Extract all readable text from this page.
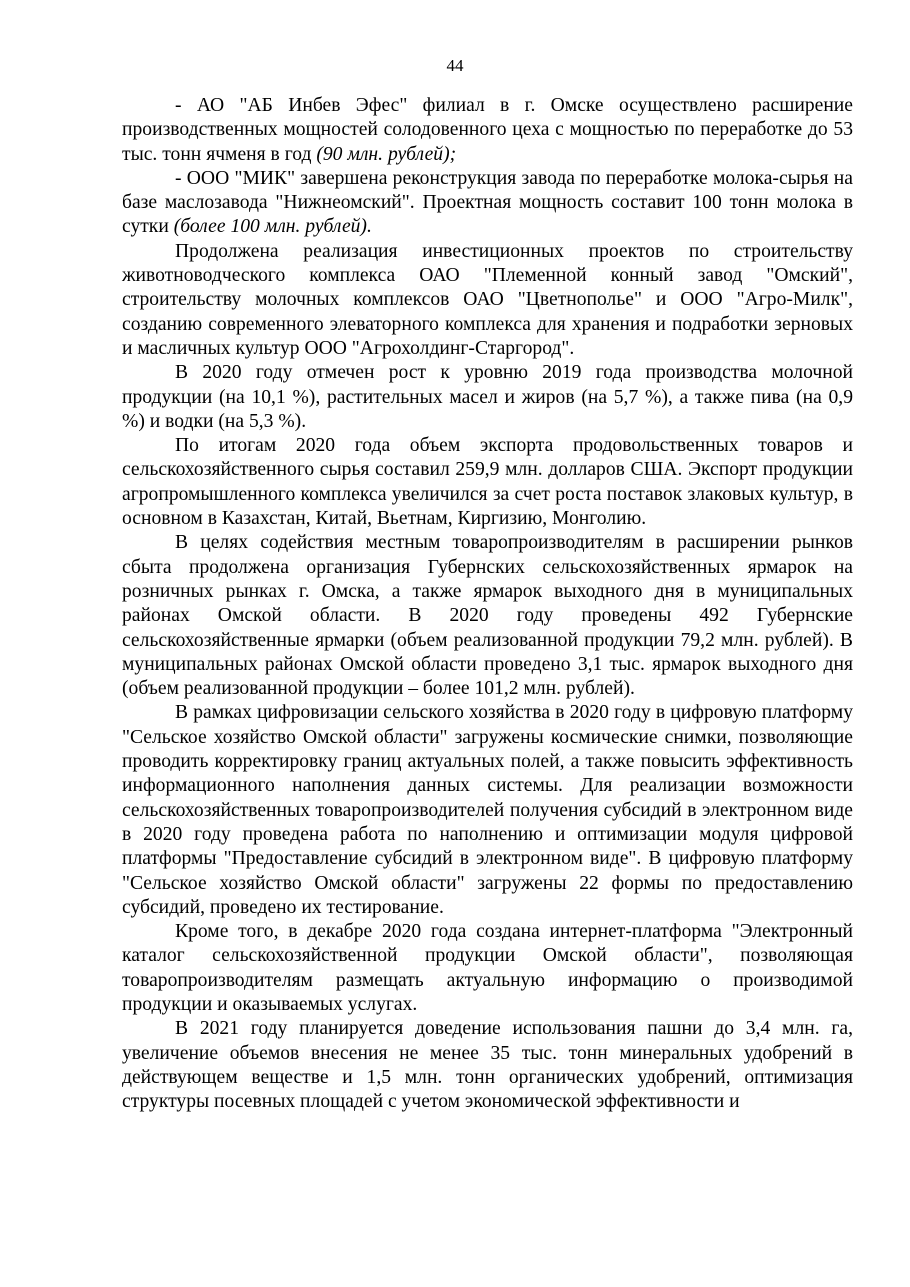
44

- АО "АБ Инбев Эфес" филиал в г. Омске осуществлено расширение производственных мощностей солодовенного цеха с мощностью по переработке до 53 тыс. тонн ячменя в год (90 млн. рублей);

- ООО "МИК" завершена реконструкция завода по переработке молока-сырья на базе маслозавода "Нижнеомский". Проектная мощность составит 100 тонн молока в сутки (более 100 млн. рублей).

Продолжена реализация инвестиционных проектов по строительству животноводческого комплекса ОАО "Племенной конный завод "Омский", строительству молочных комплексов ОАО "Цветнополье" и ООО "Агро-Милк", созданию современного элеваторного комплекса для хранения и подработки зерновых и масличных культур ООО "Агрохолдинг-Старгород".

В 2020 году отмечен рост к уровню 2019 года производства молочной продукции (на 10,1 %), растительных масел и жиров (на 5,7 %), а также пива (на 0,9 %) и водки (на 5,3 %).

По итогам 2020 года объем экспорта продовольственных товаров и сельскохозяйственного сырья составил 259,9 млн. долларов США. Экспорт продукции агропромышленного комплекса увеличился за счет роста поставок злаковых культур, в основном в Казахстан, Китай, Вьетнам, Киргизию, Монголию.

В целях содействия местным товаропроизводителям в расширении рынков сбыта продолжена организация Губернских сельскохозяйственных ярмарок на розничных рынках г. Омска, а также ярмарок выходного дня в муниципальных районах Омской области. В 2020 году проведены 492 Губернские сельскохозяйственные ярмарки (объем реализованной продукции 79,2 млн. рублей). В муниципальных районах Омской области проведено 3,1 тыс. ярмарок выходного дня (объем реализованной продукции – более 101,2 млн. рублей).

В рамках цифровизации сельского хозяйства в 2020 году в цифровую платформу "Сельское хозяйство Омской области" загружены космические снимки, позволяющие проводить корректировку границ актуальных полей, а также повысить эффективность информационного наполнения данных системы. Для реализации возможности сельскохозяйственных товаропроизводителей получения субсидий в электронном виде в 2020 году проведена работа по наполнению и оптимизации модуля цифровой платформы "Предоставление субсидий в электронном виде". В цифровую платформу "Сельское хозяйство Омской области" загружены 22 формы по предоставлению субсидий, проведено их тестирование.

Кроме того, в декабре 2020 года создана интернет-платформа "Электронный каталог сельскохозяйственной продукции Омской области", позволяющая товаропроизводителям размещать актуальную информацию о производимой продукции и оказываемых услугах.

В 2021 году планируется доведение использования пашни до 3,4 млн. га, увеличение объемов внесения не менее 35 тыс. тонн минеральных удобрений в действующем веществе и 1,5 млн. тонн органических удобрений, оптимизация структуры посевных площадей с учетом экономической эффективности и
